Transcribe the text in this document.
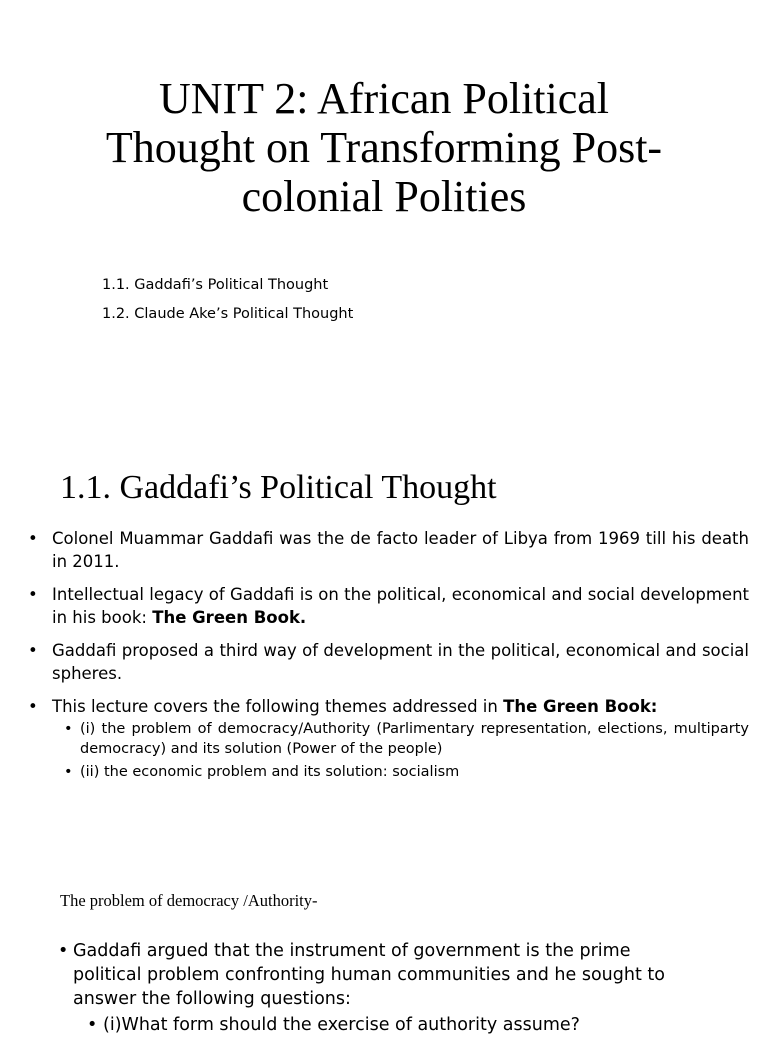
UNIT 2: African Political Thought on Transforming Post-colonial Polities
1.1. Gaddafi’s Political Thought
1.2. Claude Ake’s Political Thought
1.1. Gaddafi’s Political Thought
• Colonel Muammar Gaddafi was the de facto leader of Libya from 1969 till his death in 2011.
• Intellectual legacy of Gaddafi is on the political, economical and social development in his book: The Green Book.
• Gaddafi proposed a third way of development in the political, economical and social spheres.
• This lecture covers the following themes addressed in The Green Book:
• (i) the problem of democracy/Authority (Parlimentary representation, elections, multiparty democracy) and its solution (Power of the people)
• (ii) the economic problem and its solution: socialism
The problem of democracy /Authority-
• Gaddafi argued that the instrument of government is the prime political problem confronting human communities and he sought to answer the following questions:
• (i)What form should the exercise of authority assume?
